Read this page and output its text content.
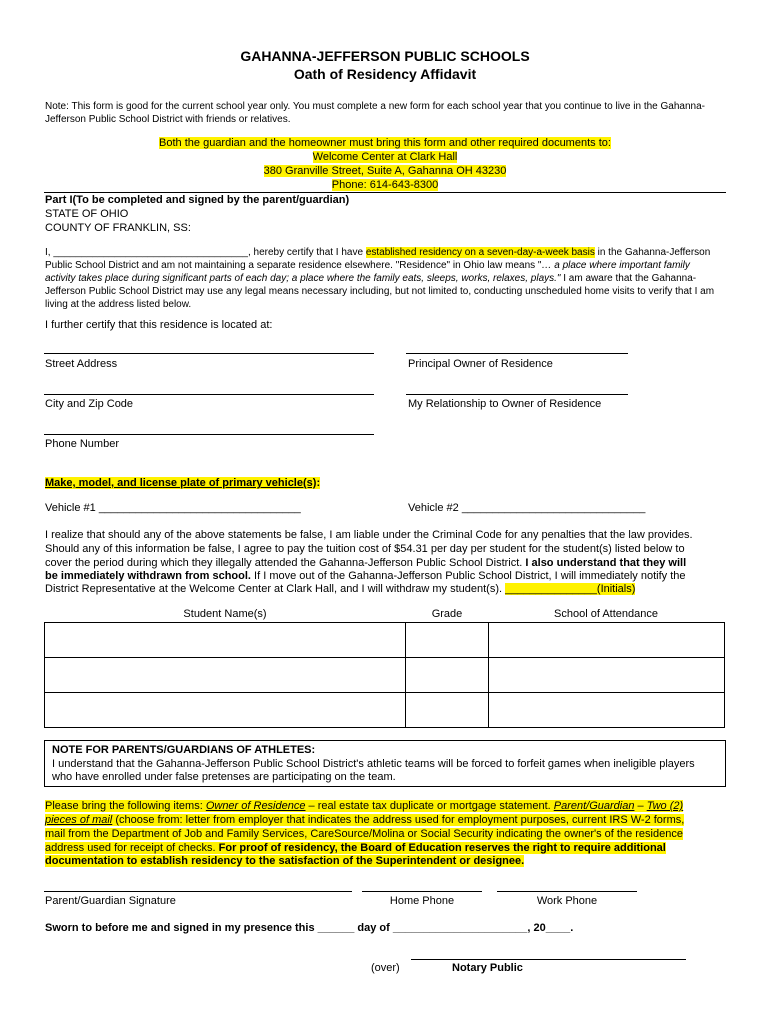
GAHANNA-JEFFERSON PUBLIC SCHOOLS
Oath of Residency Affidavit
Note: This form is good for the current school year only. You must complete a new form for each school year that you continue to live in the Gahanna-
Jefferson Public School District with friends or relatives.
Both the guardian and the homeowner must bring this form and other required documents to:
Welcome Center at Clark Hall
380 Granville Street, Suite A, Gahanna OH 43230
Phone: 614-643-8300
Part I(To be completed and signed by the parent/guardian)
STATE OF OHIO
COUNTY OF FRANKLIN, SS:
I, ___________________________________, hereby certify that I have established residency on a seven-day-a-week basis in the Gahanna-Jefferson
Public School District and am not maintaining a separate residence elsewhere. "Residence" in Ohio law means "… a place where important family
activity takes place during significant parts of each day; a place where the family eats, sleeps, works, relaxes, plays." I am aware that the Gahanna-
Jefferson Public School District may use any legal means necessary including, but not limited to, conducting unscheduled home visits to verify that I am
living at the address listed below.
I further certify that this residence is located at:
Street Address	Principal Owner of Residence
City and Zip Code	My Relationship to Owner of Residence
Phone Number
Make, model, and license plate of primary vehicle(s):
Vehicle #1 _________________________________	Vehicle #2 ______________________________
I realize that should any of the above statements be false, I am liable under the Criminal Code for any penalties that the law provides.
Should any of this information be false, I agree to pay the tuition cost of $54.31 per day per student for the student(s) listed below to
cover the period during which they illegally attended the Gahanna-Jefferson Public School District. I also understand that they will
be immediately withdrawn from school. If I move out of the Gahanna-Jefferson Public School District, I will immediately notify the
District Representative at the Welcome Center at Clark Hall, and I will withdraw my student(s). _______________(Initials)
Student Name(s)	Grade	School of Attendance
NOTE FOR PARENTS/GUARDIANS OF ATHLETES:
I understand that the Gahanna-Jefferson Public School District's athletic teams will be forced to forfeit games when ineligible players
who have enrolled under false pretenses are participating on the team.
Please bring the following items: Owner of Residence – real estate tax duplicate or mortgage statement. Parent/Guardian – Two (2)
pieces of mail (choose from: letter from employer that indicates the address used for employment purposes, current IRS W-2 forms,
mail from the Department of Job and Family Services, CareSource/Molina or Social Security indicating the owner's of the residence
address used for receipt of checks. For proof of residency, the Board of Education reserves the right to require additional
documentation to establish residency to the satisfaction of the Superintendent or designee.
Parent/Guardian Signature	Home Phone	Work Phone
Sworn to before me and signed in my presence this ______ day of ______________________, 20____.
(over)	Notary Public
